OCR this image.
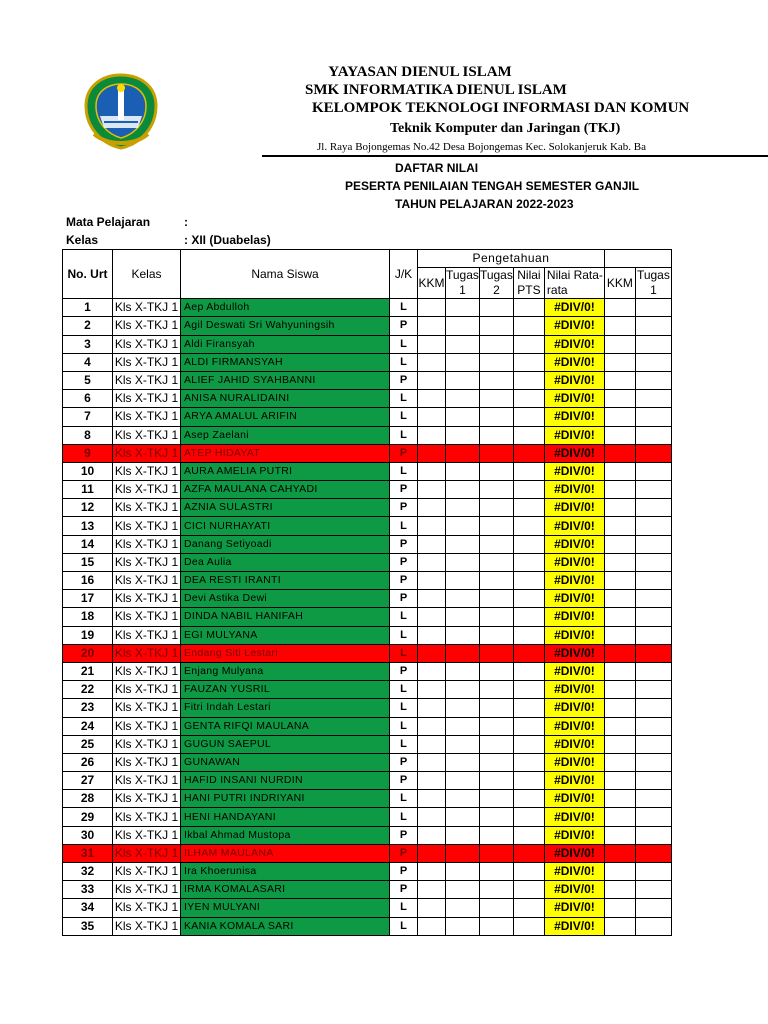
YAYASAN DIENUL ISLAM
SMK INFORMATIKA DIENUL ISLAM
KELOMPOK TEKNOLOGI INFORMASI DAN KOMUN
Teknik Komputer dan Jaringan (TKJ)
Jl. Raya Bojongemas No.42 Desa Bojongemas Kec. Solokanjeruk Kab. Ba
DAFTAR NILAI
PESERTA PENILAIAN TENGAH SEMESTER GANJIL
TAHUN PELAJARAN 2022-2023
Mata Pelajaran	:
Kelas	: XII (Duabelas)
No. Urt	Kelas	Nama Siswa	J/K	Pengetahuan						
				KKM	Tugas 1	Tugas 2	Nilai PTS	Nilai Rata-rata	KKM	Tugas 1
1	Kls X-TKJ 1	Aep Abdulloh	L					#DIV/0!		
2	Kls X-TKJ 1	Agil Deswati Sri Wahyuningsih	P					#DIV/0!		
3	Kls X-TKJ 1	Aldi Firansyah	L					#DIV/0!		
4	Kls X-TKJ 1	ALDI FIRMANSYAH	L					#DIV/0!		
5	Kls X-TKJ 1	ALIEF JAHID SYAHBANNI	P					#DIV/0!		
6	Kls X-TKJ 1	ANISA NURALIDAINI	L					#DIV/0!		
7	Kls X-TKJ 1	ARYA AMALUL ARIFIN	L					#DIV/0!		
8	Kls X-TKJ 1	Asep Zaelani	L					#DIV/0!		
9	Kls X-TKJ 1	ATEP HIDAYAT	P					#DIV/0!		
10	Kls X-TKJ 1	AURA AMELIA PUTRI	L					#DIV/0!		
11	Kls X-TKJ 1	AZFA MAULANA CAHYADI	P					#DIV/0!		
12	Kls X-TKJ 1	AZNIA SULASTRI	P					#DIV/0!		
13	Kls X-TKJ 1	CICI NURHAYATI	L					#DIV/0!		
14	Kls X-TKJ 1	Danang Setiyoadi	P					#DIV/0!		
15	Kls X-TKJ 1	Dea Aulia	P					#DIV/0!		
16	Kls X-TKJ 1	DEA RESTI IRANTI	P					#DIV/0!		
17	Kls X-TKJ 1	Devi Astika Dewi	P					#DIV/0!		
18	Kls X-TKJ 1	DINDA NABIL HANIFAH	L					#DIV/0!		
19	Kls X-TKJ 1	EGI MULYANA	L					#DIV/0!		
20	Kls X-TKJ 1	Endang Siti Lestari	L					#DIV/0!		
21	Kls X-TKJ 1	Enjang Mulyana	P					#DIV/0!		
22	Kls X-TKJ 1	FAUZAN YUSRIL	L					#DIV/0!		
23	Kls X-TKJ 1	Fitri Indah Lestari	L					#DIV/0!		
24	Kls X-TKJ 1	GENTA RIFQI MAULANA	L					#DIV/0!		
25	Kls X-TKJ 1	GUGUN SAEPUL	L					#DIV/0!		
26	Kls X-TKJ 1	GUNAWAN	P					#DIV/0!		
27	Kls X-TKJ 1	HAFID INSANI NURDIN	P					#DIV/0!		
28	Kls X-TKJ 1	HANI PUTRI INDRIYANI	L					#DIV/0!		
29	Kls X-TKJ 1	HENI HANDAYANI	L					#DIV/0!		
30	Kls X-TKJ 1	Ikbal Ahmad Mustopa	P					#DIV/0!		
31	Kls X-TKJ 1	ILHAM MAULANA	P					#DIV/0!		
32	Kls X-TKJ 1	Ira Khoerunisa	P					#DIV/0!		
33	Kls X-TKJ 1	IRMA KOMALASARI	P					#DIV/0!		
34	Kls X-TKJ 1	IYEN MULYANI	L					#DIV/0!		
35	Kls X-TKJ 1	KANIA KOMALA SARI	L					#DIV/0!		
